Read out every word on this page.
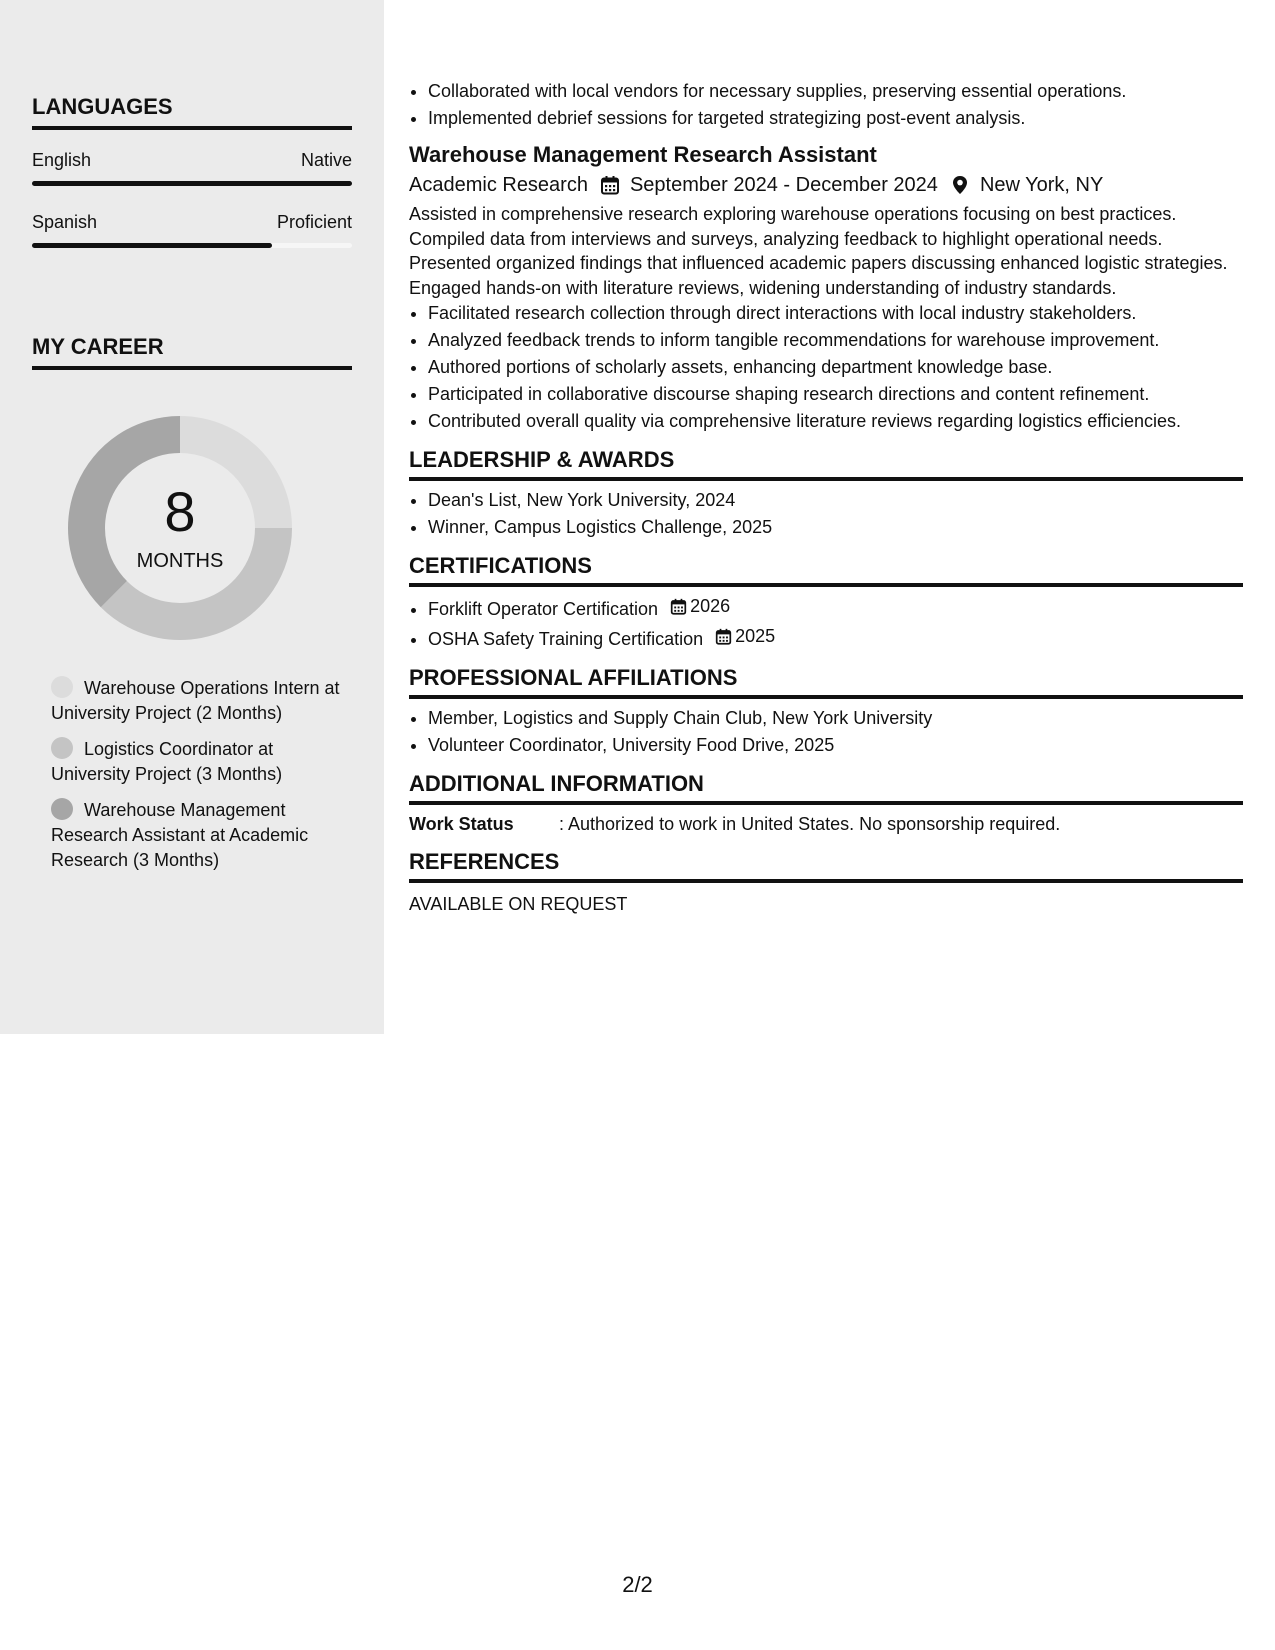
LANGUAGES
English	Native
Spanish	Proficient
MY CAREER
8
MONTHS
Warehouse Operations Intern at University Project (2 Months)
Logistics Coordinator at University Project (3 Months)
Warehouse Management Research Assistant at Academic Research (3 Months)
• Collaborated with local vendors for necessary supplies, preserving essential operations.
• Implemented debrief sessions for targeted strategizing post-event analysis.
Warehouse Management Research Assistant
Academic Research September 2024 - December 2024 New York, NY
Assisted in comprehensive research exploring warehouse operations focusing on best practices. Compiled data from interviews and surveys, analyzing feedback to highlight operational needs. Presented organized findings that influenced academic papers discussing enhanced logistic strategies. Engaged hands-on with literature reviews, widening understanding of industry standards.
• Facilitated research collection through direct interactions with local industry stakeholders.
• Analyzed feedback trends to inform tangible recommendations for warehouse improvement.
• Authored portions of scholarly assets, enhancing department knowledge base.
• Participated in collaborative discourse shaping research directions and content refinement.
• Contributed overall quality via comprehensive literature reviews regarding logistics efficiencies.
LEADERSHIP & AWARDS
• Dean's List, New York University, 2024
• Winner, Campus Logistics Challenge, 2025
CERTIFICATIONS
• Forklift Operator Certification 2026
• OSHA Safety Training Certification 2025
PROFESSIONAL AFFILIATIONS
• Member, Logistics and Supply Chain Club, New York University
• Volunteer Coordinator, University Food Drive, 2025
ADDITIONAL INFORMATION
Work Status	: Authorized to work in United States. No sponsorship required.
REFERENCES
AVAILABLE ON REQUEST
2/2
